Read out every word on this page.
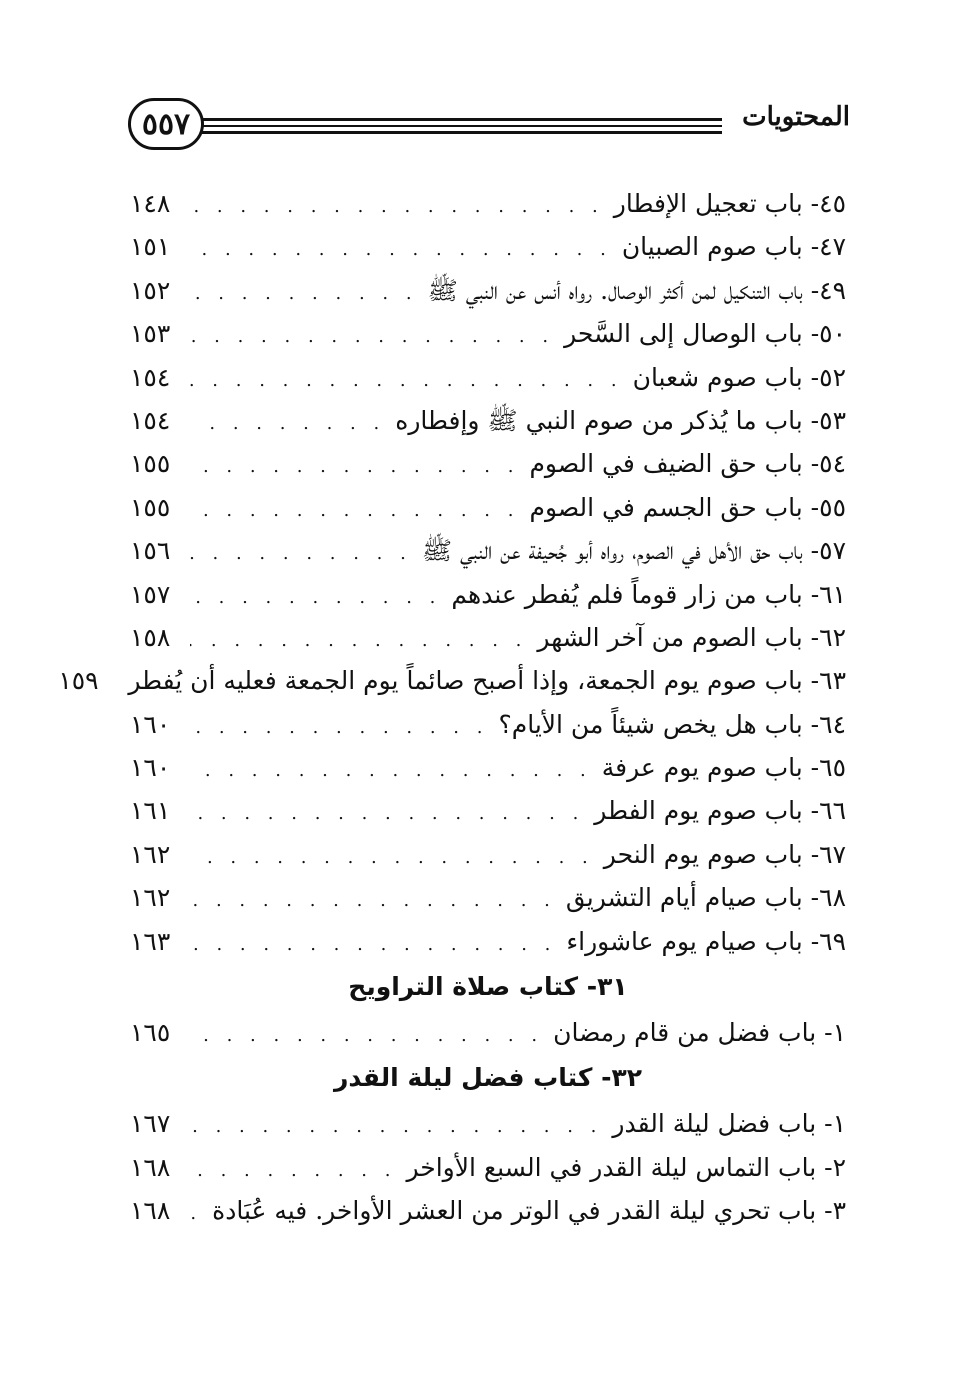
٥٥٧	المحتويات
٤٥- باب تعجيل الإفطار
. . .
١٤٨
٤٧- باب صوم الصبيان
. . .
١٥١
٤٩- باب التنكيل لمن أكثر الوصال. رواه أنس عن النبي ﷺ
. . .
١٥٢
٥٠- باب الوصال إلى السَّحر
. . .
١٥٣
٥٢- باب صوم شعبان
. . .
١٥٤
٥٣- باب ما يُذكر من صوم النبي ﷺ وإفطاره
. . .
١٥٤
٥٤- باب حق الضيف في الصوم
. . .
١٥٥
٥٥- باب حق الجسم في الصوم
. . .
١٥٥
٥٧- باب حق الأهل في الصوم، رواه أبو جُحيفة عن النبي ﷺ
. . .
١٥٦
٦١- باب من زار قوماً فلم يُفطر عندهم
. . .
١٥٧
٦٢- باب الصوم من آخر الشهر
. . .
١٥٨
٦٣- باب صوم يوم الجمعة، وإذا أصبح صائماً يوم الجمعة فعليه أن يُفطر
١٥٩
٦٤- باب هل يخص شيئاً من الأيام؟
. . .
١٦٠
٦٥- باب صوم يوم عرفة
. . .
١٦٠
٦٦- باب صوم يوم الفطر
. . .
١٦١
٦٧- باب صوم يوم النحر
. . .
١٦٢
٦٨- باب صيام أيام التشريق
. . .
١٦٢
٦٩- باب صيام يوم عاشوراء
. . .
١٦٣
٣١- كتاب صلاة التراويح
١- باب فضل من قام رمضان
. . .
١٦٥
٣٢- كتاب فضل ليلة القدر
١- باب فضل ليلة القدر
. . .
١٦٧
٢- باب التماس ليلة القدر في السبع الأواخر
. . .
١٦٨
٣- باب تحري ليلة القدر في الوتر من العشر الأواخر. فيه عُبَادة
. . .
١٦٨
